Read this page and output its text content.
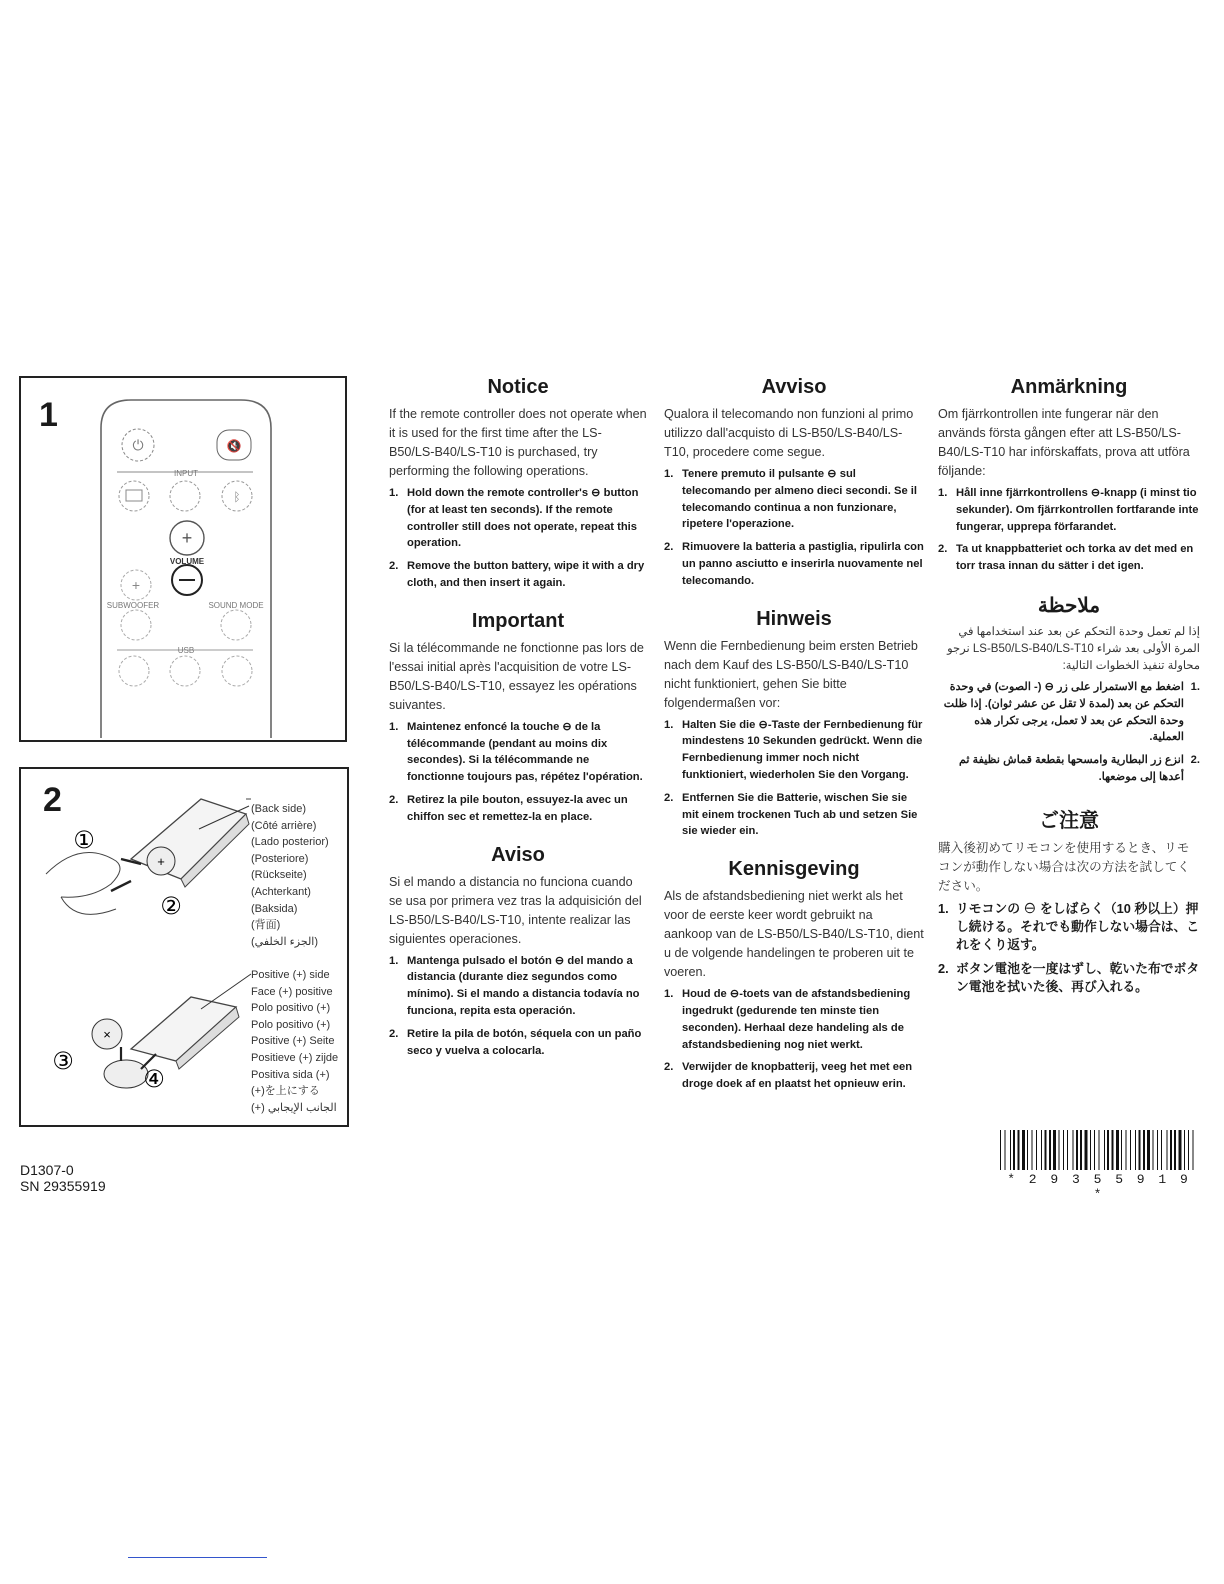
1
⏻	🔇
INPUT
ᛒ
+
VOLUME
+
SUBWOOFER	SOUND MODE
USB
2
+
①
②
×
③
④
(Back side)
(Côté arrière)
(Lado posterior)
(Posteriore)
(Rückseite)
(Achterkant)
(Baksida)
(背面)
(الجزء الخلفي)
Positive (+) side
Face (+) positive
Polo positivo (+)
Polo positivo (+)
Positive (+) Seite
Positieve (+) zijde
Positiva sida (+)
(+)を上にする
(+) الجانب الإيجابي
Notice

If the remote controller does not operate when it is used for the first time after the LS-B50/LS-B40/LS-T10 is purchased, try performing the following operations.

1. Hold down the remote controller's ⊖ button (for at least ten seconds). If the remote controller still does not operate, repeat this operation.
2. Remove the button battery, wipe it with a dry cloth, and then insert it again.
Important

Si la télécommande ne fonctionne pas lors de l'essai initial après l'acquisition de votre LS-B50/LS-B40/LS-T10, essayez les opérations suivantes.

1. Maintenez enfoncé la touche ⊖ de la télécommande (pendant au moins dix secondes). Si la télécommande ne fonctionne toujours pas, répétez l'opération.
2. Retirez la pile bouton, essuyez-la avec un chiffon sec et remettez-la en place.
Aviso

Si el mando a distancia no funciona cuando se usa por primera vez tras la adquisición del LS-B50/LS-B40/LS-T10, intente realizar las siguientes operaciones.

1. Mantenga pulsado el botón ⊖ del mando a distancia (durante diez segundos como mínimo). Si el mando a distancia todavía no funciona, repita esta operación.
2. Retire la pila de botón, séquela con un paño seco y vuelva a colocarla.
Avviso

Qualora il telecomando non funzioni al primo utilizzo dall'acquisto di LS-B50/LS-B40/LS-T10, procedere come segue.

1. Tenere premuto il pulsante ⊖ sul telecomando per almeno dieci secondi. Se il telecomando continua a non funzionare, ripetere l'operazione.
2. Rimuovere la batteria a pastiglia, ripulirla con un panno asciutto e inserirla nuovamente nel telecomando.
Hinweis

Wenn die Fernbedienung beim ersten Betrieb nach dem Kauf des LS-B50/LS-B40/LS-T10 nicht funktioniert, gehen Sie bitte folgendermaßen vor:

1. Halten Sie die ⊖-Taste der Fernbedienung für mindestens 10 Sekunden gedrückt. Wenn die Fernbedienung immer noch nicht funktioniert, wiederholen Sie den Vorgang.
2. Entfernen Sie die Batterie, wischen Sie sie mit einem trockenen Tuch ab und setzen Sie sie wieder ein.
Kennisgeving

Als de afstandsbediening niet werkt als het voor de eerste keer wordt gebruikt na aankoop van de LS-B50/LS-B40/LS-T10, dient u de volgende handelingen te proberen uit te voeren.

1. Houd de ⊖-toets van de afstandsbediening ingedrukt (gedurende ten minste tien seconden). Herhaal deze handeling als de afstandsbediening nog niet werkt.
2. Verwijder de knopbatterij, veeg het met een droge doek af en plaatst het opnieuw erin.
Anmärkning

Om fjärrkontrollen inte fungerar när den används första gången efter att LS-B50/LS-B40/LS-T10 har införskaffats, prova att utföra följande:

1. Håll inne fjärrkontrollens ⊖-knapp (i minst tio sekunder). Om fjärrkontrollen fortfarande inte fungerar, upprepa förfarandet.
2. Ta ut knappbatteriet och torka av det med en torr trasa innan du sätter i det igen.
ملاحظة

إذا لم تعمل وحدة التحكم عن بعد عند استخدامها في المرة الأولى بعد شراء LS-B50/LS-B40/LS-T10 نرجو محاولة تنفيذ الخطوات التالية:

.1
اضغط مع الاستمرار على زر ⊖ (- الصوت) في وحدة التحكم عن بعد (لمدة لا تقل عن عشر ثوان). إذا ظلت وحدة التحكم عن بعد لا تعمل، يرجى تكرار هذه العملية.
.2
انزع زر البطارية وامسحها بقطعة قماش نظيفة ثم أعدها إلى موضعها.
ご注意

購入後初めてリモコンを使用するとき、リモコンが動作しない場合は次の方法を試してください。

1. リモコンの ⊖ をしばらく（10 秒以上）押し続ける。それでも動作しない場合は、これをくり返す。
2. ボタン電池を一度はずし、乾いた布でボタン電池を拭いた後、再び入れる。
D1307-0
SN 29355919	* 2 9 3 5 5 9 1 9 *
